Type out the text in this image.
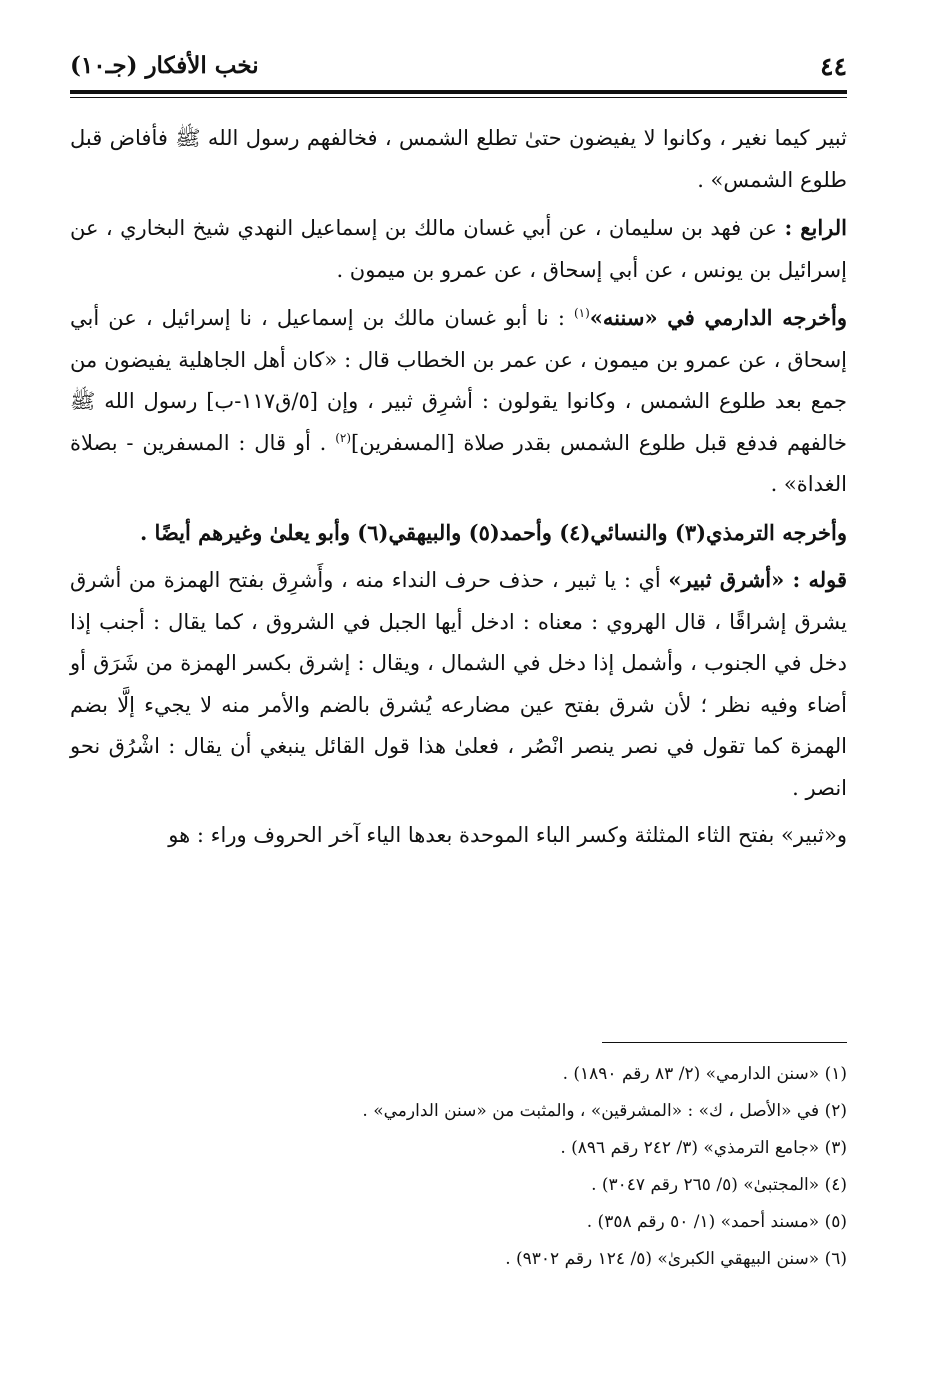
٤٤
نخب الأفكار (جـ١٠)

ثبير كيما نغير ، وكانوا لا يفيضون حتىٰ تطلع الشمس ، فخالفهم رسول الله ﷺ فأفاض قبل طلوع الشمس» .

الرابع : عن فهد بن سليمان ، عن أبي غسان مالك بن إسماعيل النهدي شيخ البخاري ، عن إسرائيل بن يونس ، عن أبي إسحاق ، عن عمرو بن ميمون .

وأخرجه الدارمي في «سننه»$^{(١)}$ : نا أبو غسان مالك بن إسماعيل ، نا إسرائيل ، عن أبي إسحاق ، عن عمرو بن ميمون ، عن عمر بن الخطاب قال : «كان أهل الجاهلية يفيضون من جمع بعد طلوع الشمس ، وكانوا يقولون : أشرِق ثبير ، وإن [٥/ق١١٧-ب] رسول الله ﷺ خالفهم فدفع قبل طلوع الشمس بقدر صلاة [المسفرين]$^{(٢)}$ . أو قال : المسفرين - بصلاة الغداة» .

وأخرجه الترمذي(٣) والنسائي(٤) وأحمد(٥) والبيهقي(٦) وأبو يعلىٰ وغيرهم أيضًا .

قوله : «أشرق ثبير» أي : يا ثبير ، حذف حرف النداء منه ، وأَشرِق بفتح الهمزة من أشرق يشرق إشراقًا ، قال الهروي : معناه : ادخل أيها الجبل في الشروق ، كما يقال : أجنب إذا دخل في الجنوب ، وأشمل إذا دخل في الشمال ، ويقال : إشرق بكسر الهمزة من شَرَق أو أضاء وفيه نظر ؛ لأن شرق بفتح عين مضارعه يُشرق بالضم والأمر منه لا يجيء إلَّا بضم الهمزة كما تقول في نصر ينصر انْصُر ، فعلىٰ هذا قول القائل ينبغي أن يقال : اشْرُق نحو انصر .

و«ثبير» بفتح الثاء المثلثة وكسر الباء الموحدة بعدها الياء آخر الحروف وراء : هو

(١) «سنن الدارمي» (٢/ ٨٣ رقم ١٨٩٠) .

(٢) في «الأصل ، ك» : «المشرقين» ، والمثبت من «سنن الدارمي» .

(٣) «جامع الترمذي» (٣/ ٢٤٢ رقم ٨٩٦) .

(٤) «المجتبىٰ» (٥/ ٢٦٥ رقم ٣٠٤٧) .

(٥) «مسند أحمد» (١/ ٥٠ رقم ٣٥٨) .

(٦) «سنن البيهقي الكبرىٰ» (٥/ ١٢٤ رقم ٩٣٠٢) .
